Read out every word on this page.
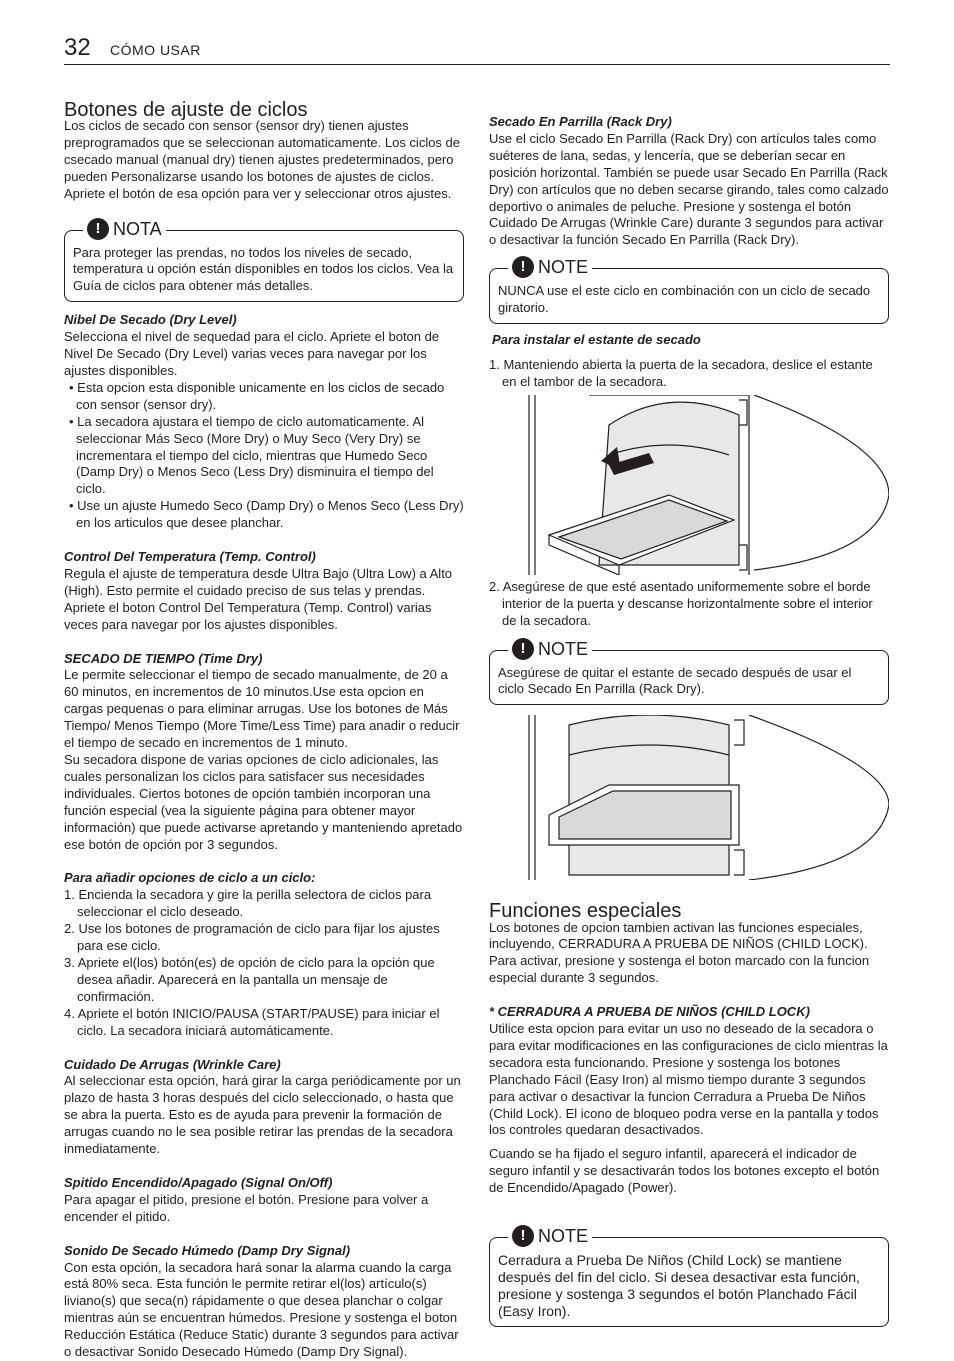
32 CÓMO USAR
Botones de ajuste de ciclos

Los ciclos de secado con sensor (sensor dry) tienen ajustes preprogramados que se seleccionan automaticamente. Los ciclos de csecado manual (manual dry) tienen ajustes predeterminados, pero pueden Personalizarse usando los botones de ajustes de ciclos. Apriete el botón de esa opción para ver y seleccionar otros ajustes.

! NOTA

Para proteger las prendas, no todos los niveles de secado, temperatura u opción están disponibles en todos los ciclos. Vea la Guía de ciclos para obtener más detalles.

Nibel De Secado (Dry Level)

Selecciona el nivel de sequedad para el ciclo. Apriete el boton de Nivel De Secado (Dry Level) varias veces para navegar por los ajustes disponibles.

• Esta opcion esta disponible unicamente en los ciclos de secado con sensor (sensor dry).
• La secadora ajustara el tiempo de ciclo automaticamente. Al seleccionar Más Seco (More Dry) o Muy Seco (Very Dry) se incrementara el tiempo del ciclo, mientras que Humedo Seco (Damp Dry) o Menos Seco (Less Dry) disminuira el tiempo del ciclo.
• Use un ajuste Humedo Seco (Damp Dry) o Menos Seco (Less Dry) en los articulos que desee planchar.

Control Del Temperatura (Temp. Control)

Regula el ajuste de temperatura desde Ultra Bajo (Ultra Low) a Alto (High). Esto permite el cuidado preciso de sus telas y prendas. Apriete el boton Control Del Temperatura (Temp. Control) varias veces para navegar por los ajustes disponibles.

SECADO DE TIEMPO (Time Dry)

Le permite seleccionar el tiempo de secado manualmente, de 20 a 60 minutos, en incrementos de 10 minutos.Use esta opcion en cargas pequenas o para eliminar arrugas. Use los botones de Más Tiempo/ Menos Tiempo (More Time/Less Time) para anadir o reducir el tiempo de secado en incrementos de 1 minuto.

Su secadora dispone de varias opciones de ciclo adicionales, las cuales personalizan los ciclos para satisfacer sus necesidades individuales. Ciertos botones de opción también incorporan una función especial (vea la siguiente página para obtener mayor información) que puede activarse apretando y manteniendo apretado ese botón de opción por 3 segundos.

Para añadir opciones de ciclo a un ciclo:

1. Encienda la secadora y gire la perilla selectora de ciclos para seleccionar el ciclo deseado.
2. Use los botones de programación de ciclo para fijar los ajustes para ese ciclo.
3. Apriete el(los) botón(es) de opción de ciclo para la opción que desea añadir. Aparecerá en la pantalla un mensaje de confirmación.
4. Apriete el botón INICIO/PAUSA (START/PAUSE) para iniciar el ciclo. La secadora iniciará automáticamente.

Cuidado De Arrugas (Wrinkle Care)

Al seleccionar esta opción, hará girar la carga periódicamente por un plazo de hasta 3 horas después del ciclo seleccionado, o hasta que se abra la puerta. Esto es de ayuda para prevenir la formación de arrugas cuando no le sea posible retirar las prendas de la secadora inmediatamente.

Spitido Encendido/Apagado (Signal On/Off)

Para apagar el pitido, presione el botón. Presione para volver a encender el pitido.

Sonido De Secado Húmedo (Damp Dry Signal)

Con esta opción, la secadora hará sonar la alarma cuando la carga está 80% seca. Esta función le permite retirar el(los) artículo(s) liviano(s) que seca(n) rápidamente o que desea planchar o colgar mientras aún se encuentran húmedos. Presione y sostenga el boton Reducción Estática (Reduce Static) durante 3 segundos para activar o desactivar Sonido Desecado Húmedo (Damp Dry Signal).

Secado En Parrilla (Rack Dry)

Use el ciclo Secado En Parrilla (Rack Dry) con artículos tales como suéteres de lana, sedas, y lencería, que se deberían secar en posición horizontal. También se puede usar Secado En Parrilla (Rack Dry) con artículos que no deben secarse girando, tales como calzado deportivo o animales de peluche. Presione y sostenga el botón Cuidado De Arrugas (Wrinkle Care) durante 3 segundos para activar o desactivar la función Secado En Parrilla (Rack Dry).

! NOTE

NUNCA use el este ciclo en combinación con un ciclo de secado giratorio.

Para instalar el estante de secado

1. Manteniendo abierta la puerta de la secadora, deslice el estante en el tambor de la secadora.

2. Asegúrese de que esté asentado uniformemente sobre el borde interior de la puerta y descanse horizontalmente sobre el interior de la secadora.

! NOTE

Asegúrese de quitar el estante de secado después de usar el ciclo Secado En Parrilla (Rack Dry).

Funciones especiales

Los botones de opcion tambien activan las funciones especiales, incluyendo, CERRADURA A PRUEBA DE NIÑOS (CHILD LOCK). Para activar, presione y sostenga el boton marcado con la funcion especial durante 3 segundos.

* CERRADURA A PRUEBA DE NIÑOS (CHILD LOCK)

Utilice esta opcion para evitar un uso no deseado de la secadora o para evitar modificaciones en las configuraciones de ciclo mientras la secadora esta funcionando. Presione y sostenga los botones Planchado Fácil (Easy Iron) al mismo tiempo durante 3 segundos para activar o desactivar la funcion Cerradura a Prueba De Niños (Child Lock). El icono de bloqueo podra verse en la pantalla y todos los controles quedaran desactivados.

Cuando se ha fijado el seguro infantil, aparecerá el indicador de seguro infantil y se desactivarán todos los botones excepto el botón de Encendido/Apagado (Power).

! NOTE

Cerradura a Prueba De Niños (Child Lock) se mantiene después del fin del ciclo. Si desea desactivar esta función, presione y sostenga 3 segundos el botón Planchado Fácil (Easy Iron).
